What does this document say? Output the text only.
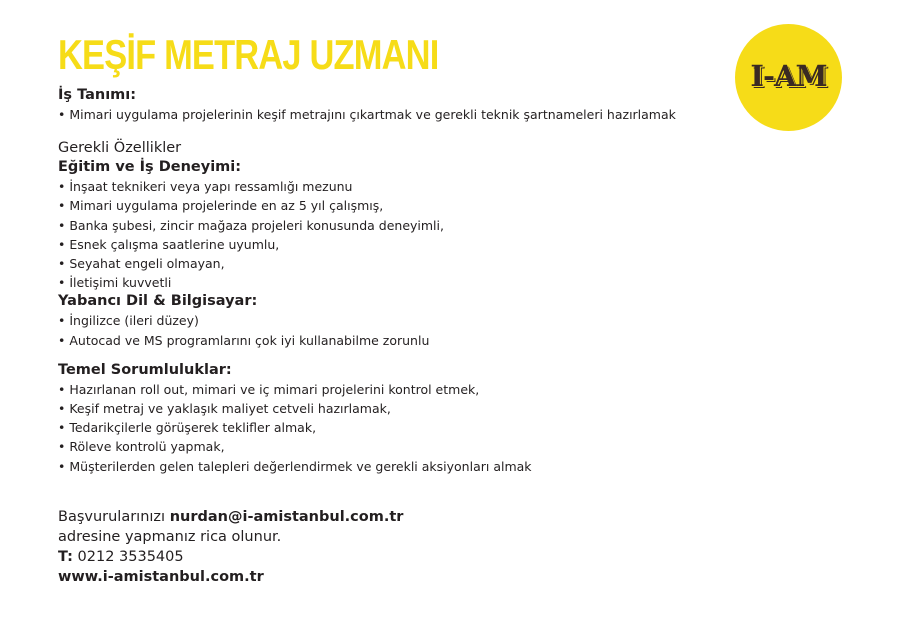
KEŞİF METRAJ UZMANI	I-AM
İş Tanımı:
• Mimari uygulama projelerinin keşif metrajını çıkartmak ve gerekli teknik şartnameleri hazırlamak
Gerekli Özellikler
Eğitim ve İş Deneyimi:
• İnşaat teknikeri veya yapı ressamlığı mezunu
• Mimari uygulama projelerinde en az 5 yıl çalışmış,
• Banka şubesi, zincir mağaza projeleri konusunda deneyimli,
• Esnek çalışma saatlerine uyumlu,
• Seyahat engeli olmayan,
• İletişimi kuvvetli
Yabancı Dil & Bilgisayar:
• İngilizce (ileri düzey)
• Autocad ve MS programlarını çok iyi kullanabilme zorunlu
Temel Sorumluluklar:
• Hazırlanan roll out, mimari ve iç mimari projelerini kontrol etmek,
• Keşif metraj ve yaklaşık maliyet cetveli hazırlamak,
• Tedarikçilerle görüşerek teklifler almak,
• Röleve kontrolü yapmak,
• Müşterilerden gelen talepleri değerlendirmek ve gerekli aksiyonları almak
Başvurularınızı nurdan@i-amistanbul.com.tr
adresine yapmanız rica olunur.
T: 0212 3535405
www.i-amistanbul.com.tr
